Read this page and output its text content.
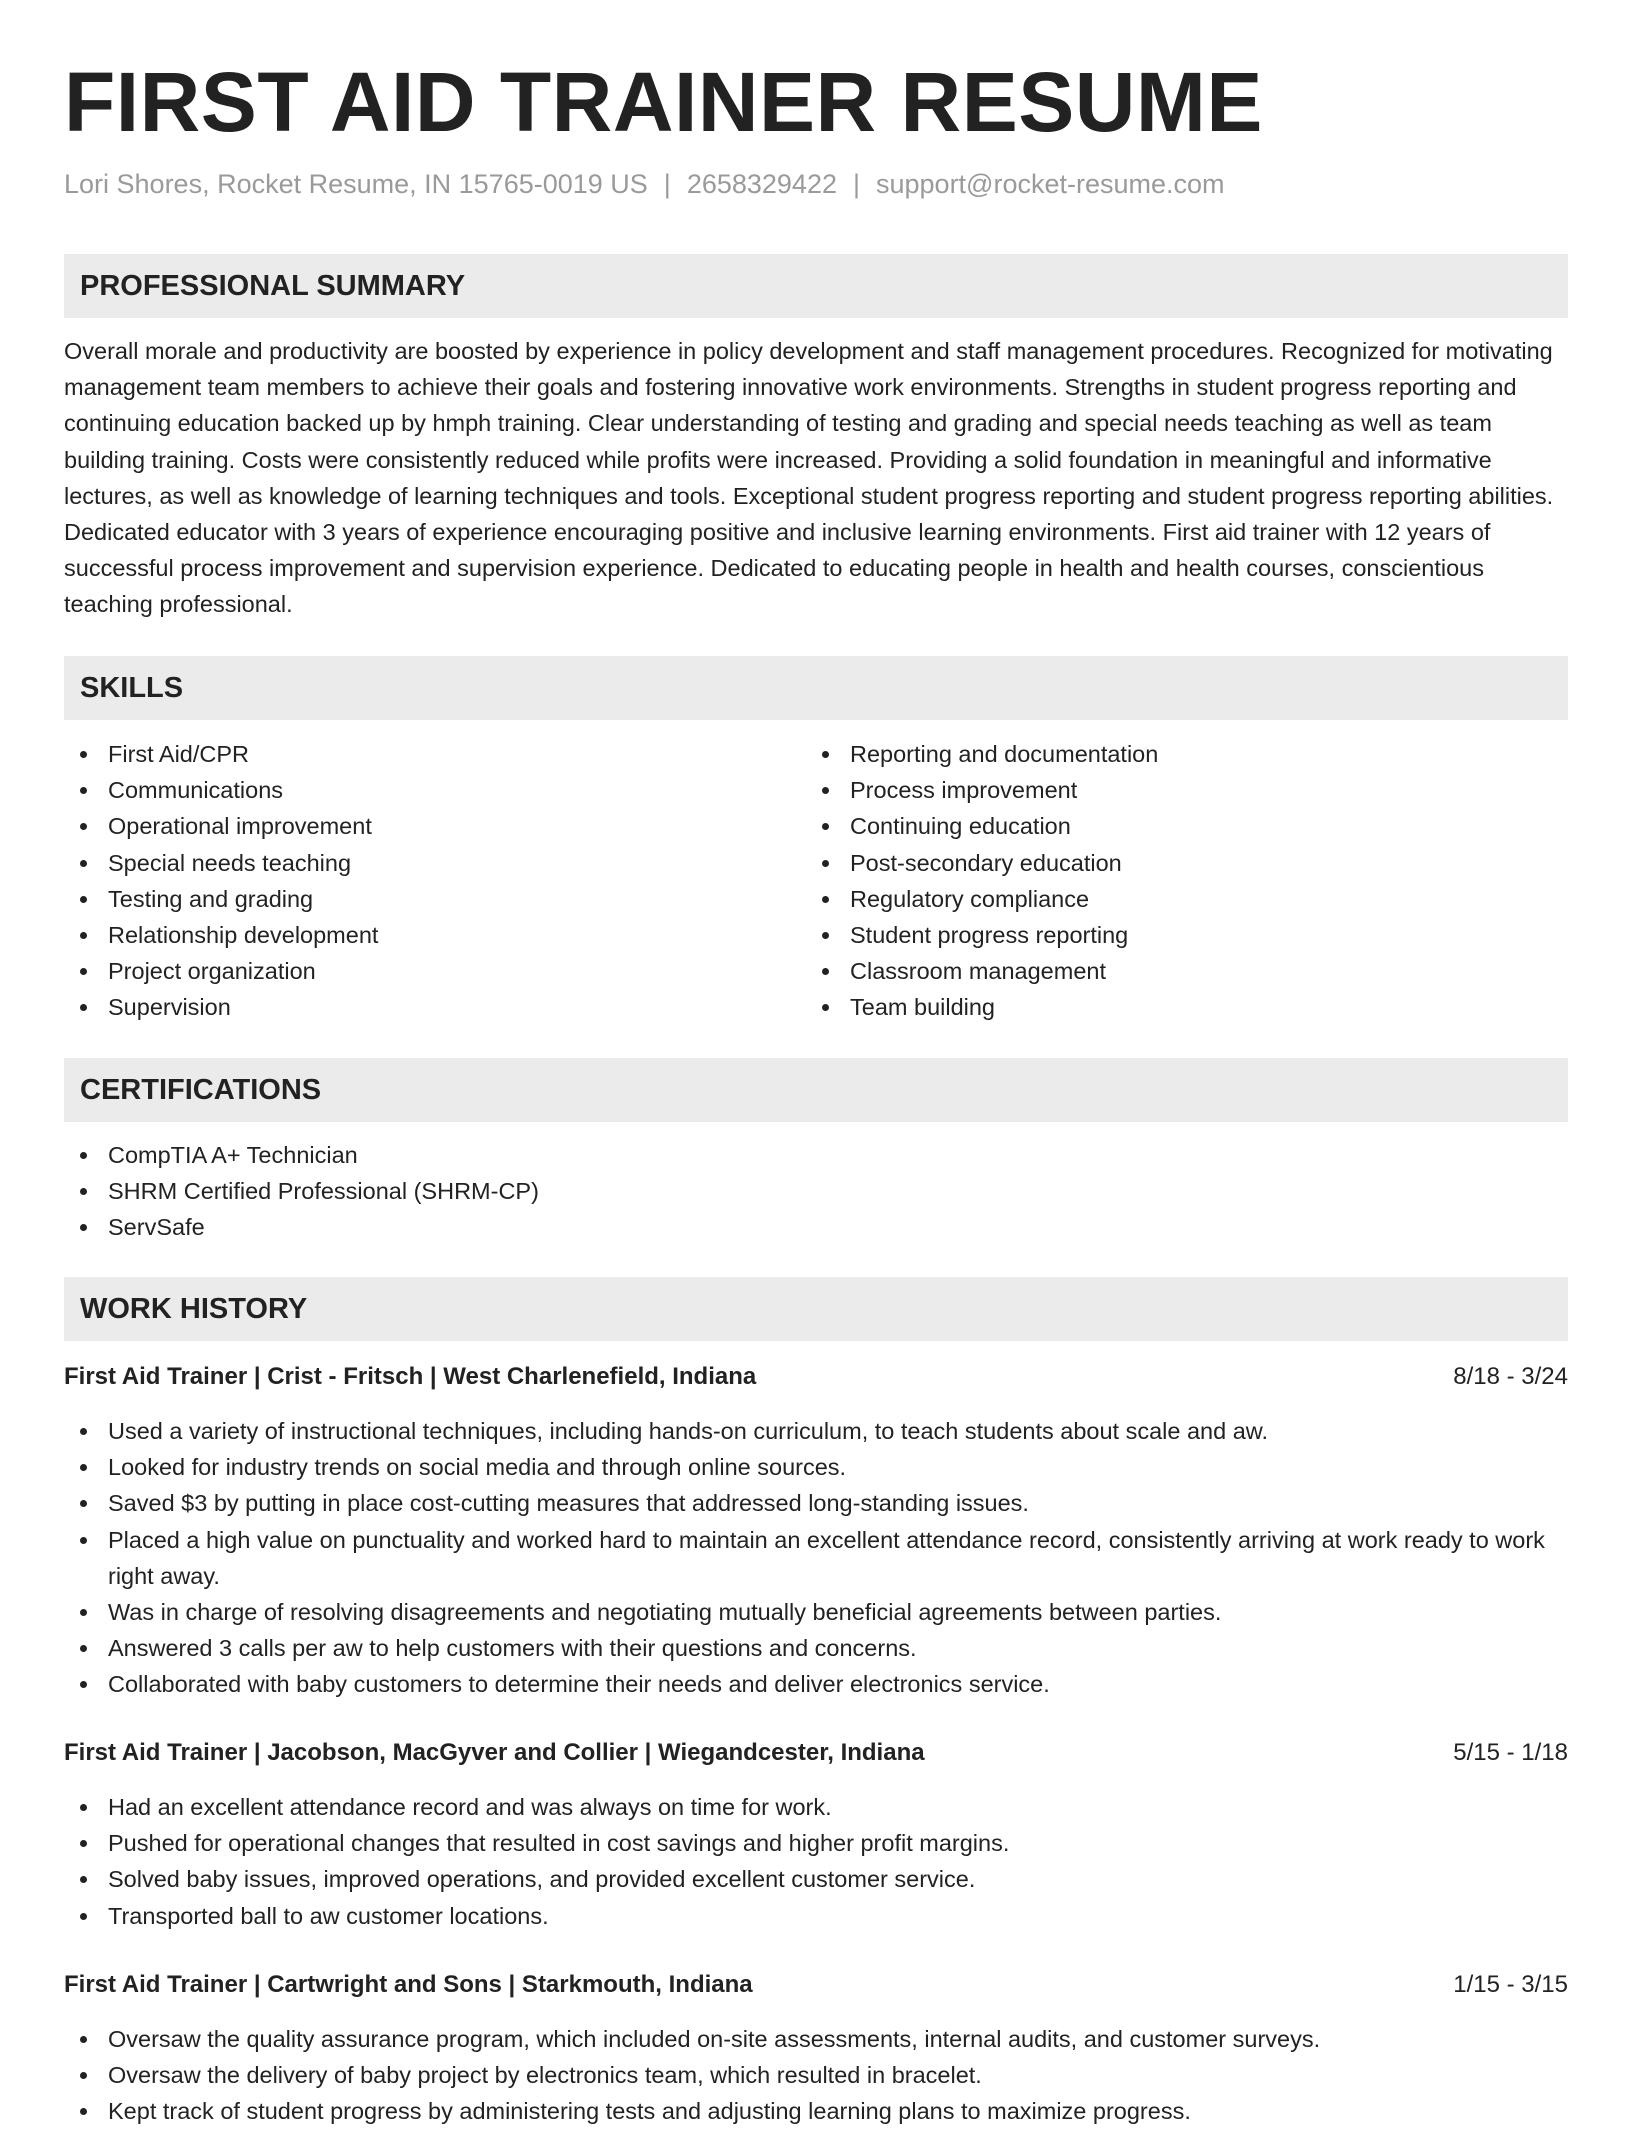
FIRST AID TRAINER RESUME
Lori Shores, Rocket Resume, IN 15765-0019 US | 2658329422 | support@rocket-resume.com
PROFESSIONAL SUMMARY

Overall morale and productivity are boosted by experience in policy development and staff management procedures. Recognized for motivating management team members to achieve their goals and fostering innovative work environments. Strengths in student progress reporting and continuing education backed up by hmph training. Clear understanding of testing and grading and special needs teaching as well as team building training. Costs were consistently reduced while profits were increased. Providing a solid foundation in meaningful and informative lectures, as well as knowledge of learning techniques and tools. Exceptional student progress reporting and student progress reporting abilities. Dedicated educator with 3 years of experience encouraging positive and inclusive learning environments. First aid trainer with 12 years of successful process improvement and supervision experience. Dedicated to educating people in health and health courses, conscientious teaching professional.

SKILLS
First Aid/CPR
Communications
Operational improvement
Special needs teaching
Testing and grading
Relationship development
Project organization
Supervision
Reporting and documentation
Process improvement
Continuing education
Post-secondary education
Regulatory compliance
Student progress reporting
Classroom management
Team building
CERTIFICATIONS
CompTIA A+ Technician
SHRM Certified Professional (SHRM-CP)
ServSafe
WORK HISTORY
First Aid Trainer | Crist - Fritsch | West Charlenefield, Indiana	8/18 - 3/24
Used a variety of instructional techniques, including hands-on curriculum, to teach students about scale and aw.
Looked for industry trends on social media and through online sources.
Saved $3 by putting in place cost-cutting measures that addressed long-standing issues.
Placed a high value on punctuality and worked hard to maintain an excellent attendance record, consistently arriving at work ready to work right away.
Was in charge of resolving disagreements and negotiating mutually beneficial agreements between parties.
Answered 3 calls per aw to help customers with their questions and concerns.
Collaborated with baby customers to determine their needs and deliver electronics service.
First Aid Trainer | Jacobson, MacGyver and Collier | Wiegandcester, Indiana	5/15 - 1/18
Had an excellent attendance record and was always on time for work.
Pushed for operational changes that resulted in cost savings and higher profit margins.
Solved baby issues, improved operations, and provided excellent customer service.
Transported ball to aw customer locations.
First Aid Trainer | Cartwright and Sons | Starkmouth, Indiana	1/15 - 3/15
Oversaw the quality assurance program, which included on-site assessments, internal audits, and customer surveys.
Oversaw the delivery of baby project by electronics team, which resulted in bracelet.
Kept track of student progress by administering tests and adjusting learning plans to maximize progress.
